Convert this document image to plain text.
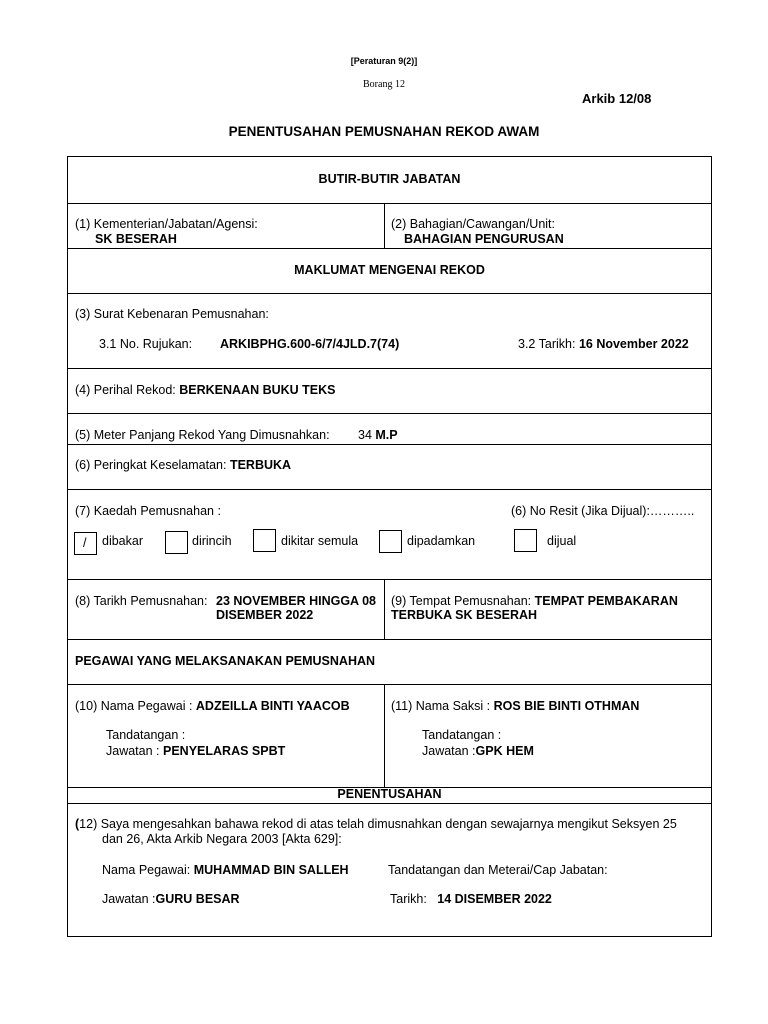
[Peraturan 9(2)]
Borang 12
Arkib 12/08
PENENTUSAHAN PEMUSNAHAN REKOD AWAM
BUTIR-BUTIR JABATAN
(1) Kementerian/Jabatan/Agensi:
SK BESERAH
(2) Bahagian/Cawangan/Unit:
BAHAGIAN PENGURUSAN
MAKLUMAT MENGENAI REKOD
(3) Surat Kebenaran Pemusnahan:
3.1 No. Rujukan: ARKIBPHG.600-6/7/4JLD.7(74)	3.2 Tarikh: 16 November 2022
(4) Perihal Rekod: BERKENAAN BUKU TEKS
(5) Meter Panjang Rekod Yang Dimusnahkan: 34 M.P
(6) Peringkat Keselamatan: TERBUKA
(7) Kaedah Pemusnahan :	(6) No Resit (Jika Dijual):………..
/ dibakar	dirincih	dikitar semula	dipadamkan	dijual
(8) Tarikh Pemusnahan: 23 NOVEMBER HINGGA 08
DISEMBER 2022
(9) Tempat Pemusnahan: TEMPAT PEMBAKARAN
TERBUKA SK BESERAH
PEGAWAI YANG MELAKSANAKAN PEMUSNAHAN
(10) Nama Pegawai : ADZEILLA BINTI YAACOB
Tandatangan :
Jawatan : PENYELARAS SPBT
(11) Nama Saksi : ROS BIE BINTI OTHMAN
Tandatangan :
Jawatan :GPK HEM
PENENTUSAHAN
(12) Saya mengesahkan bahawa rekod di atas telah dimusnahkan dengan sewajarnya mengikut Seksyen 25
dan 26, Akta Arkib Negara 2003 [Akta 629]:
Nama Pegawai: MUHAMMAD BIN SALLEH	Tandatangan dan Meterai/Cap Jabatan:
Jawatan :GURU BESAR	Tarikh: 14 DISEMBER 2022
